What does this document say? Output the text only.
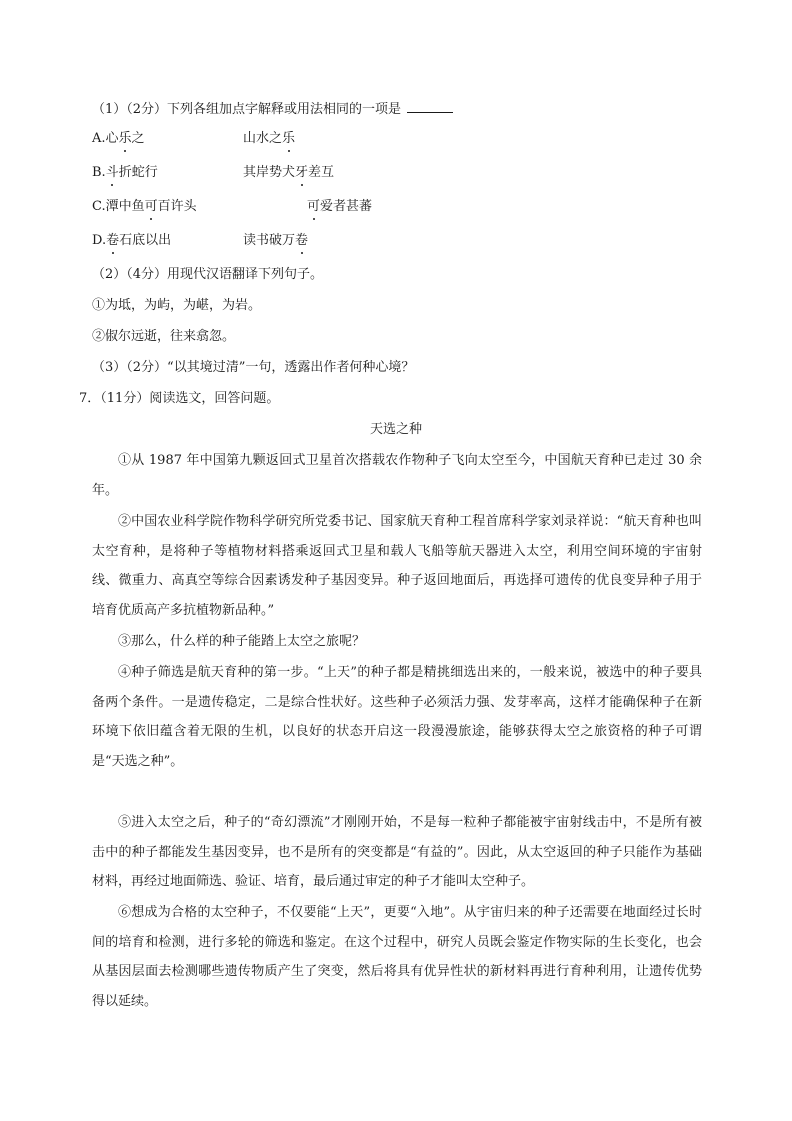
（1）（2分）下列各组加点字解释或用法相同的一项是
A.心乐之	山水之乐
B.斗折蛇行	其岸势犬牙差互
C.潭中鱼可百许头	可爱者甚蕃
D.卷石底以出	读书破万卷
（2）（4分）用现代汉语翻译下列句子。
①为坻，为屿，为嵁，为岩。
②俶尔远逝，往来翕忽。
（3）（2分）“以其境过清”一句，透露出作者何种心境？
7．（11分）阅读选文，回答问题。
天选之种
①从 1987 年中国第九颗返回式卫星首次搭载农作物种子飞向太空至今，中国航天育种已走过 30 余年。
②中国农业科学院作物科学研究所党委书记、国家航天育种工程首席科学家刘录祥说：“航天育种也叫太空育种，是将种子等植物材料搭乘返回式卫星和载人飞船等航天器进入太空，利用空间环境的宇宙射线、微重力、高真空等综合因素诱发种子基因变异。种子返回地面后，再选择可遗传的优良变异种子用于培育优质高产多抗植物新品种。”
③那么，什么样的种子能踏上太空之旅呢？
④种子筛选是航天育种的第一步。“上天”的种子都是精挑细选出来的，一般来说，被选中的种子要具备两个条件。一是遗传稳定，二是综合性状好。这些种子必须活力强、发芽率高，这样才能确保种子在新环境下依旧蕴含着无限的生机，以良好的状态开启这一段漫漫旅途，能够获得太空之旅资格的种子可谓是“天选之种”。
⑤进入太空之后，种子的“奇幻漂流”才刚刚开始，不是每一粒种子都能被宇宙射线击中，不是所有被击中的种子都能发生基因变异，也不是所有的突变都是“有益的”。因此，从太空返回的种子只能作为基础材料，再经过地面筛选、验证、培育，最后通过审定的种子才能叫太空种子。
⑥想成为合格的太空种子，不仅要能“上天”，更要“入地”。从宇宙归来的种子还需要在地面经过长时间的培育和检测，进行多轮的筛选和鉴定。在这个过程中，研究人员既会鉴定作物实际的生长变化，也会从基因层面去检测哪些遗传物质产生了突变，然后将具有优异性状的新材料再进行育种利用，让遗传优势得以延续。
